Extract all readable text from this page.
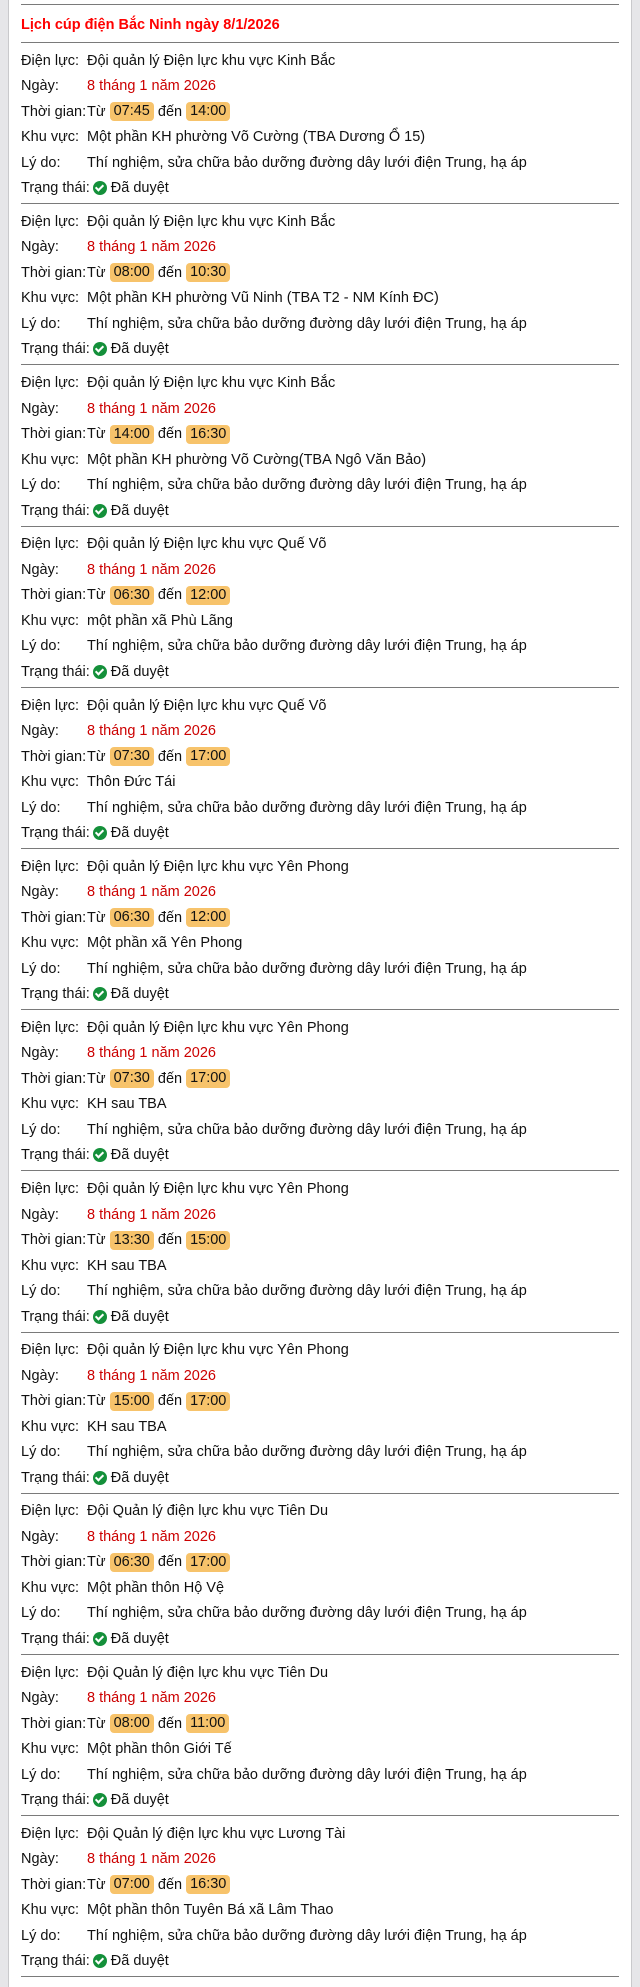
Lịch cúp điện Bắc Ninh ngày 8/1/2026
Điện lực: Đội quản lý Điện lực khu vực Kinh Bắc
Ngày:	8 tháng 1 năm 2026
Thời gian: Từ 07:45 đến 14:00
Khu vực: Một phần KH phường Võ Cường (TBA Dương Ổ 15)
Lý do:	Thí nghiệm, sửa chữa bảo dưỡng đường dây lưới điện Trung, hạ áp
Trạng thái: Đã duyệt
Điện lực: Đội quản lý Điện lực khu vực Kinh Bắc
Ngày:	8 tháng 1 năm 2026
Thời gian: Từ 08:00 đến 10:30
Khu vực: Một phần KH phường Vũ Ninh (TBA T2 - NM Kính ĐC)
Lý do:	Thí nghiệm, sửa chữa bảo dưỡng đường dây lưới điện Trung, hạ áp
Trạng thái: Đã duyệt
Điện lực: Đội quản lý Điện lực khu vực Kinh Bắc
Ngày:	8 tháng 1 năm 2026
Thời gian: Từ 14:00 đến 16:30
Khu vực: Một phần KH phường Võ Cường(TBA Ngô Văn Bảo)
Lý do:	Thí nghiệm, sửa chữa bảo dưỡng đường dây lưới điện Trung, hạ áp
Trạng thái: Đã duyệt
Điện lực: Đội quản lý Điện lực khu vực Quế Võ
Ngày:	8 tháng 1 năm 2026
Thời gian: Từ 06:30 đến 12:00
Khu vực: một phần xã Phù Lãng
Lý do:	Thí nghiệm, sửa chữa bảo dưỡng đường dây lưới điện Trung, hạ áp
Trạng thái: Đã duyệt
Điện lực: Đội quản lý Điện lực khu vực Quế Võ
Ngày:	8 tháng 1 năm 2026
Thời gian: Từ 07:30 đến 17:00
Khu vực: Thôn Đức Tái
Lý do:	Thí nghiệm, sửa chữa bảo dưỡng đường dây lưới điện Trung, hạ áp
Trạng thái: Đã duyệt
Điện lực: Đội quản lý Điện lực khu vực Yên Phong
Ngày:	8 tháng 1 năm 2026
Thời gian: Từ 06:30 đến 12:00
Khu vực: Một phần xã Yên Phong
Lý do:	Thí nghiệm, sửa chữa bảo dưỡng đường dây lưới điện Trung, hạ áp
Trạng thái: Đã duyệt
Điện lực: Đội quản lý Điện lực khu vực Yên Phong
Ngày:	8 tháng 1 năm 2026
Thời gian: Từ 07:30 đến 17:00
Khu vực: KH sau TBA
Lý do:	Thí nghiệm, sửa chữa bảo dưỡng đường dây lưới điện Trung, hạ áp
Trạng thái: Đã duyệt
Điện lực: Đội quản lý Điện lực khu vực Yên Phong
Ngày:	8 tháng 1 năm 2026
Thời gian: Từ 13:30 đến 15:00
Khu vực: KH sau TBA
Lý do:	Thí nghiệm, sửa chữa bảo dưỡng đường dây lưới điện Trung, hạ áp
Trạng thái: Đã duyệt
Điện lực: Đội quản lý Điện lực khu vực Yên Phong
Ngày:	8 tháng 1 năm 2026
Thời gian: Từ 15:00 đến 17:00
Khu vực: KH sau TBA
Lý do:	Thí nghiệm, sửa chữa bảo dưỡng đường dây lưới điện Trung, hạ áp
Trạng thái: Đã duyệt
Điện lực: Đội Quản lý điện lực khu vực Tiên Du
Ngày:	8 tháng 1 năm 2026
Thời gian: Từ 06:30 đến 17:00
Khu vực: Một phần thôn Hộ Vệ
Lý do:	Thí nghiệm, sửa chữa bảo dưỡng đường dây lưới điện Trung, hạ áp
Trạng thái: Đã duyệt
Điện lực: Đội Quản lý điện lực khu vực Tiên Du
Ngày:	8 tháng 1 năm 2026
Thời gian: Từ 08:00 đến 11:00
Khu vực: Một phần thôn Giới Tế
Lý do:	Thí nghiệm, sửa chữa bảo dưỡng đường dây lưới điện Trung, hạ áp
Trạng thái: Đã duyệt
Điện lực: Đội Quản lý điện lực khu vực Lương Tài
Ngày:	8 tháng 1 năm 2026
Thời gian: Từ 07:00 đến 16:30
Khu vực: Một phần thôn Tuyên Bá xã Lâm Thao
Lý do:	Thí nghiệm, sửa chữa bảo dưỡng đường dây lưới điện Trung, hạ áp
Trạng thái: Đã duyệt
